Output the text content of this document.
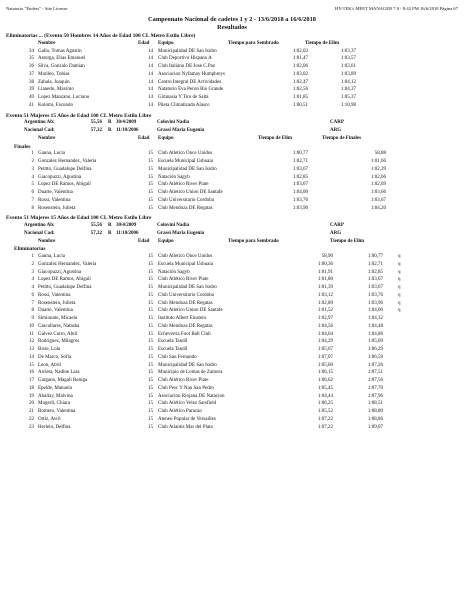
Natatorio "Enders" - Site License	HY-TEK's MEET MANAGER 7.0 - 8:42 PM 16/6/2018 Página 67
Campeonato Nacional de cadetes 1 y 2 - 13/6/2018 a 16/6/2018
Resultados
Eliminatorias ... (Evento 50 Hombres 14 Años de Edad 100 CL Metro Estilo Libre)
Nombre	Edad Equipo	Tiempo para Sembrado	Tiempo de Elim
34 Gallo, Tomas Agustin	14 Municipalidad DE San Isidro	1:02,03	1:03,37
35 Astorga, Elias Emanuel	14 Club Deportivo Hispano A	1:01,47	1:03,57
36 Silva, Gonzalo Damian	14 Club Italiano DE Jose C.Paz	1:02,06	1:03,61
37 Marileo, Tobias	14 Asociacion Nyfamay Humphreys	1:03,02	1:03,89
38 Zabala, Joaquin	14 Centro Integral DE Actividades	1:02,47	1:04,12
39 Llanedo, Maximo	14 Natatorio Eva Peron Rio Grande	1:02,56	1:04,37
40 Lopez Manzano, Luciano	14 Gimnasia Y Tiro de Salta	1:01,85	1:05,37
41 Kolomi, Facundo	14 Pileta Climatizada Alasco	1:00,51	1:10,98
Evento 51 Mujeres 15 Años de Edad 100 CL Metro Estilo Libre
Argentino Ab:	55,56 R 30/4/2009	Colovini Nadia	CARP
Nacional Cad:	57,32 R 11/10/2006	Grassi Maria Eugenia	ARG
Nombre	Edad Equipo	Tiempo de Elim	Tiempo de Finales
Finales
1 Gauna, Lucia	15 Club Atletico Once Unidos	1:00,77	58,88
2 Gonzalez Hernandez, Valeria	15 Escuela Municipal Ushuaia	1:02,71	1:01,66
3 Petitto, Guadalupe Delfina	15 Municipalidad DE San Isidro	1:03,67	1:02,39
4 Giacopuzzi, Agustina	15 Natación Sagyb	1:02,85	1:02,66
5 Lopez DE Ramos, Abigail	15 Club Atlético River Plate	1:03,67	1:02,69
6 Duarte, Valentina	15 Club Atletico Union DE Santafe	1:04,00	1:03,66
7 Rossi, Valentina	15 Club Universitario Cordoba	1:03,76	1:03,67
8 Rosenstein, Julieta	15 Club Mendoza DE Regatas	1:03,96	1:04,20
Evento 51 Mujeres 15 Años de Edad 100 CL Metro Estilo Libre
Argentino Ab:	55,56 R 30/4/2009	Colovini Nadia	CARP
Nacional Cad:	57,32 R 11/10/2006	Grassi Maria Eugenia	ARG
Nombre	Edad Equipo	Tiempo para Sembrado	Tiempo de Elim
Eliminatorias
1 Gauna, Lucia	15 Club Atletico Once Unidos	58,90	1:00,77	q
2 Gonzalez Hernandez, Valeria	15 Escuela Municipal Ushuaia	1:00,36	1:02,71	q
3 Giacopuzzi, Agustina	15 Natación Sagyb	1:01,91	1:02,85	q
4 Lopez DE Ramos, Abigail	15 Club Atlético River Plate	1:01,80	1:03,67	q
4 Petitto, Guadalupe Delfina	15 Municipalidad DE San Isidro	1:01,39	1:03,67	q
6 Rossi, Valentina	15 Club Universitario Cordoba	1:03,12	1:03,76	q
7 Rosenstein, Julieta	15 Club Mendoza DE Regatas	1:02,89	1:03,96	q
8 Duarte, Valentina	15 Club Atletico Union DE Santafe	1:01,52	1:04,00	q
9 Simionato, Micaela	15 Instituto Albert Einstein	1:02,97	1:04,32
10 Cascallares, Natasha	15 Club Mendoza DE Regatas	1:04,56	1:04,48
11 Galvez Cutro, Abril	15 Echeverria Foot Ball Club	1:04,04	1:04,86
12 Rodriguez, Milagros	15 Escuela Tandil	1:04,29	1:05,69
13 Bisio, Lola	15 Escuela Tandil	1:05,67	1:06,29
14 De Marco, Sofia	15 Club San Fernando	1:07,07	1:06,59
15 Leon, Abril	15 Municipalidad DE San Isidro	1:05,60	1:07,26
16 Arrieta, Nadine Lara	15 Municipio de Lomas de Zamora	1:06,15	1:07,51
17 Gargano, Magali Reniga	15 Club Atlético River Plate	1:06,62	1:07,56
18 Epelde, Manuela	15 Club Pesc Y Nau San Pedro	1:05,45	1:07,70
19 Aballay, Malvina	15 Asociacion Riojana DE Natacion	1:04,44	1:07,96
20 Mugerli, Chiara	15 Club Atlético Velez Sarsfield	1:06,25	1:08,51
21 Romero, Valentina	15 Club Atlético Paracao	1:05,52	1:08,80
22 Ortiz, Avril	15 Ateneo Popular de Versailles	1:07,22	1:08,86
23 Herlein, Delfina	15 Club Atlantis Mar del Plata	1:07,22	1:09,07
